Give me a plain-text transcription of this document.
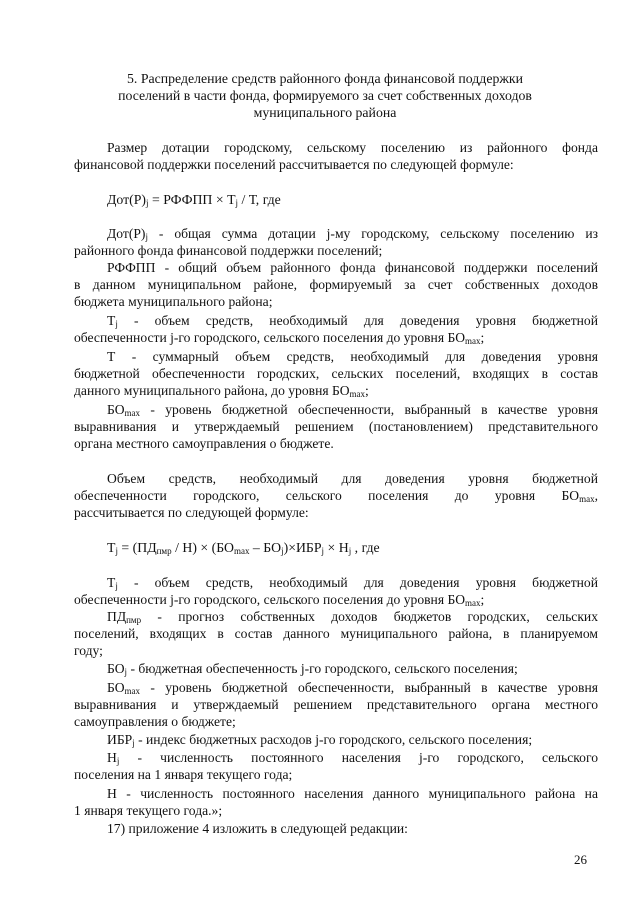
5. Распределение средств районного фонда финансовой поддержки
поселений в части фонда, формируемого за счет собственных доходов
муниципального района
Размер дотации городскому, сельскому поселению из районного фонда
финансовой поддержки поселений рассчитывается по следующей формуле:
$Дот(Р)_j$ = РФФПП × $Т_j$ / Т, где
$Дот(Р)_j$ - общая сумма дотации j-му городскому, сельскому поселению из
районного фонда финансовой поддержки поселений;
РФФПП - общий объем районного фонда финансовой поддержки поселений
в данном муниципальном районе, формируемый за счет собственных доходов
бюджета муниципального района;
$Т_j$ - объем средств, необходимый для доведения уровня бюджетной
обеспеченности j-го городского, сельского поселения до уровня $БО_{max}$;
Т - суммарный объем средств, необходимый для доведения уровня
бюджетной обеспеченности городских, сельских поселений, входящих в состав
данного муниципального района, до уровня $БО_{max}$;
$БО_{max}$ - уровень бюджетной обеспеченности, выбранный в качестве уровня
выравнивания и утверждаемый решением (постановлением) представительного
органа местного самоуправления о бюджете.
Объем средств, необходимый для доведения уровня бюджетной
обеспеченности городского, сельского поселения до уровня $БО_{max}$,
рассчитывается по следующей формуле:
$Т_j = (ПД_{пмр} / Н) \times (БО_{max} - БО_j)\times ИБР_j \times Н_j$ , где
$Т_j$ - объем средств, необходимый для доведения уровня бюджетной
обеспеченности j-го городского, сельского поселения до уровня $БО_{max}$;
$ПД_{пмр}$ - прогноз собственных доходов бюджетов городских, сельских
поселений, входящих в состав данного муниципального района, в планируемом
году;
$БО_j$ - бюджетная обеспеченность j-го городского, сельского поселения;
$БО_{max}$ - уровень бюджетной обеспеченности, выбранный в качестве уровня
выравнивания и утверждаемый решением представительного органа местного
самоуправления о бюджете;
$ИБР_j$ - индекс бюджетных расходов j-го городского, сельского поселения;
$Н_j$ - численность постоянного населения j-го городского, сельского
поселения на 1 января текущего года;
Н - численность постоянного населения данного муниципального района на
1 января текущего года.»;
17) приложение 4 изложить в следующей редакции:
26
